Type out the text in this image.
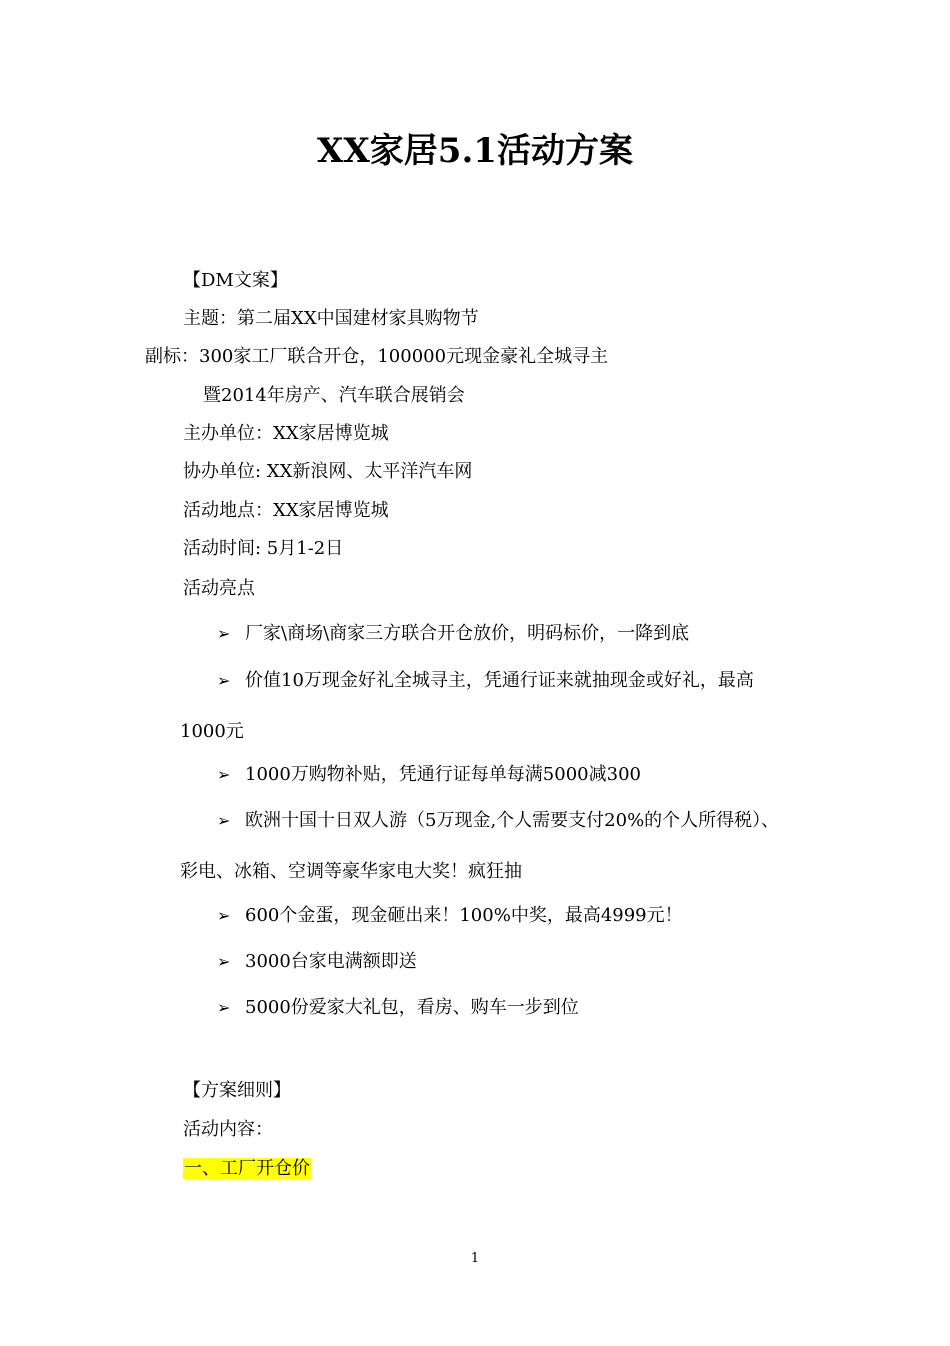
XX家居5.1活动方案
【DM文案】
主题：第二届XX中国建材家具购物节
副标：300家工厂联合开仓，100000元现金豪礼全城寻主
暨2014年房产、汽车联合展销会
主办单位：XX家居博览城
协办单位: XX新浪网、太平洋汽车网
活动地点：XX家居博览城
活动时间: 5月1-2日
活动亮点
➢ 厂家\商场\商家三方联合开仓放价，明码标价，一降到底
➢ 价值10万现金好礼全城寻主，凭通行证来就抽现金或好礼，最高
1000元
➢ 1000万购物补贴，凭通行证每单每满5000减300
➢ 欧洲十国十日双人游（5万现金,个人需要支付20%的个人所得税）、
彩电、冰箱、空调等豪华家电大奖！疯狂抽
➢ 600个金蛋，现金砸出来！100%中奖，最高4999元！
➢ 3000台家电满额即送
➢ 5000份爱家大礼包，看房、购车一步到位
【方案细则】
活动内容：
一、工厂开仓价
1
